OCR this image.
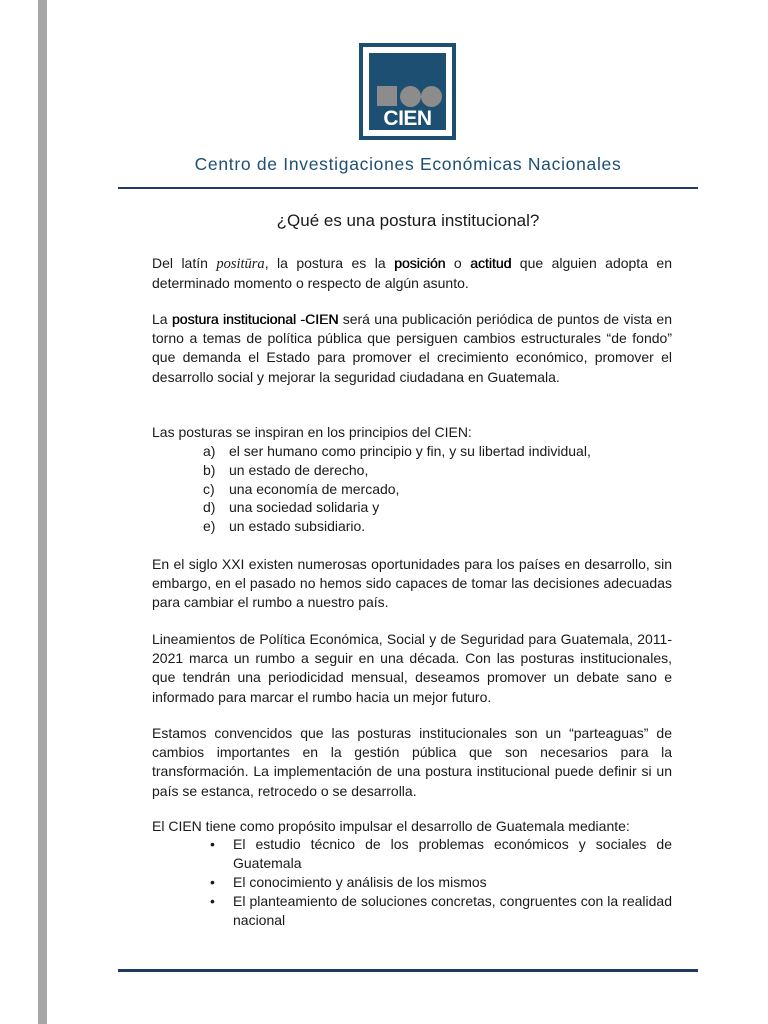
CIEN
Centro de Investigaciones Económicas Nacionales
¿Qué es una postura institucional?

Del latín positūra, la postura es la posición o actitud que alguien adopta en determinado momento o respecto de algún asunto.

La postura institucional -CIEN será una publicación periódica de puntos de vista en torno a temas de política pública que persiguen cambios estructurales “de fondo” que demanda el Estado para promover el crecimiento económico, promover el desarrollo social y mejorar la seguridad ciudadana en Guatemala.

Las posturas se inspiran en los principios del CIEN:

a) el ser humano como principio y fin, y su libertad individual,
b) un estado de derecho,
c)	una economía de mercado,
d) una sociedad solidaria y
e) un estado subsidiario.

En el siglo XXI existen numerosas oportunidades para los países en desarrollo, sin embargo, en el pasado no hemos sido capaces de tomar las decisiones adecuadas para cambiar el rumbo a nuestro país.

Lineamientos de Política Económica, Social y de Seguridad para Guatemala, 2011-2021 marca un rumbo a seguir en una década. Con las posturas institucionales, que tendrán una periodicidad mensual, deseamos promover un debate sano e informado para marcar el rumbo hacia un mejor futuro.

Estamos convencidos que las posturas institucionales son un “parteaguas” de cambios importantes en la gestión pública que son necesarios para la transformación. La implementación de una postura institucional puede definir si un país se estanca, retrocedo o se desarrolla.

El CIEN tiene como propósito impulsar el desarrollo de Guatemala mediante:

•	El estudio técnico de los problemas económicos y sociales de Guatemala
•	El conocimiento y análisis de los mismos
•	El planteamiento de soluciones concretas, congruentes con la realidad nacional
